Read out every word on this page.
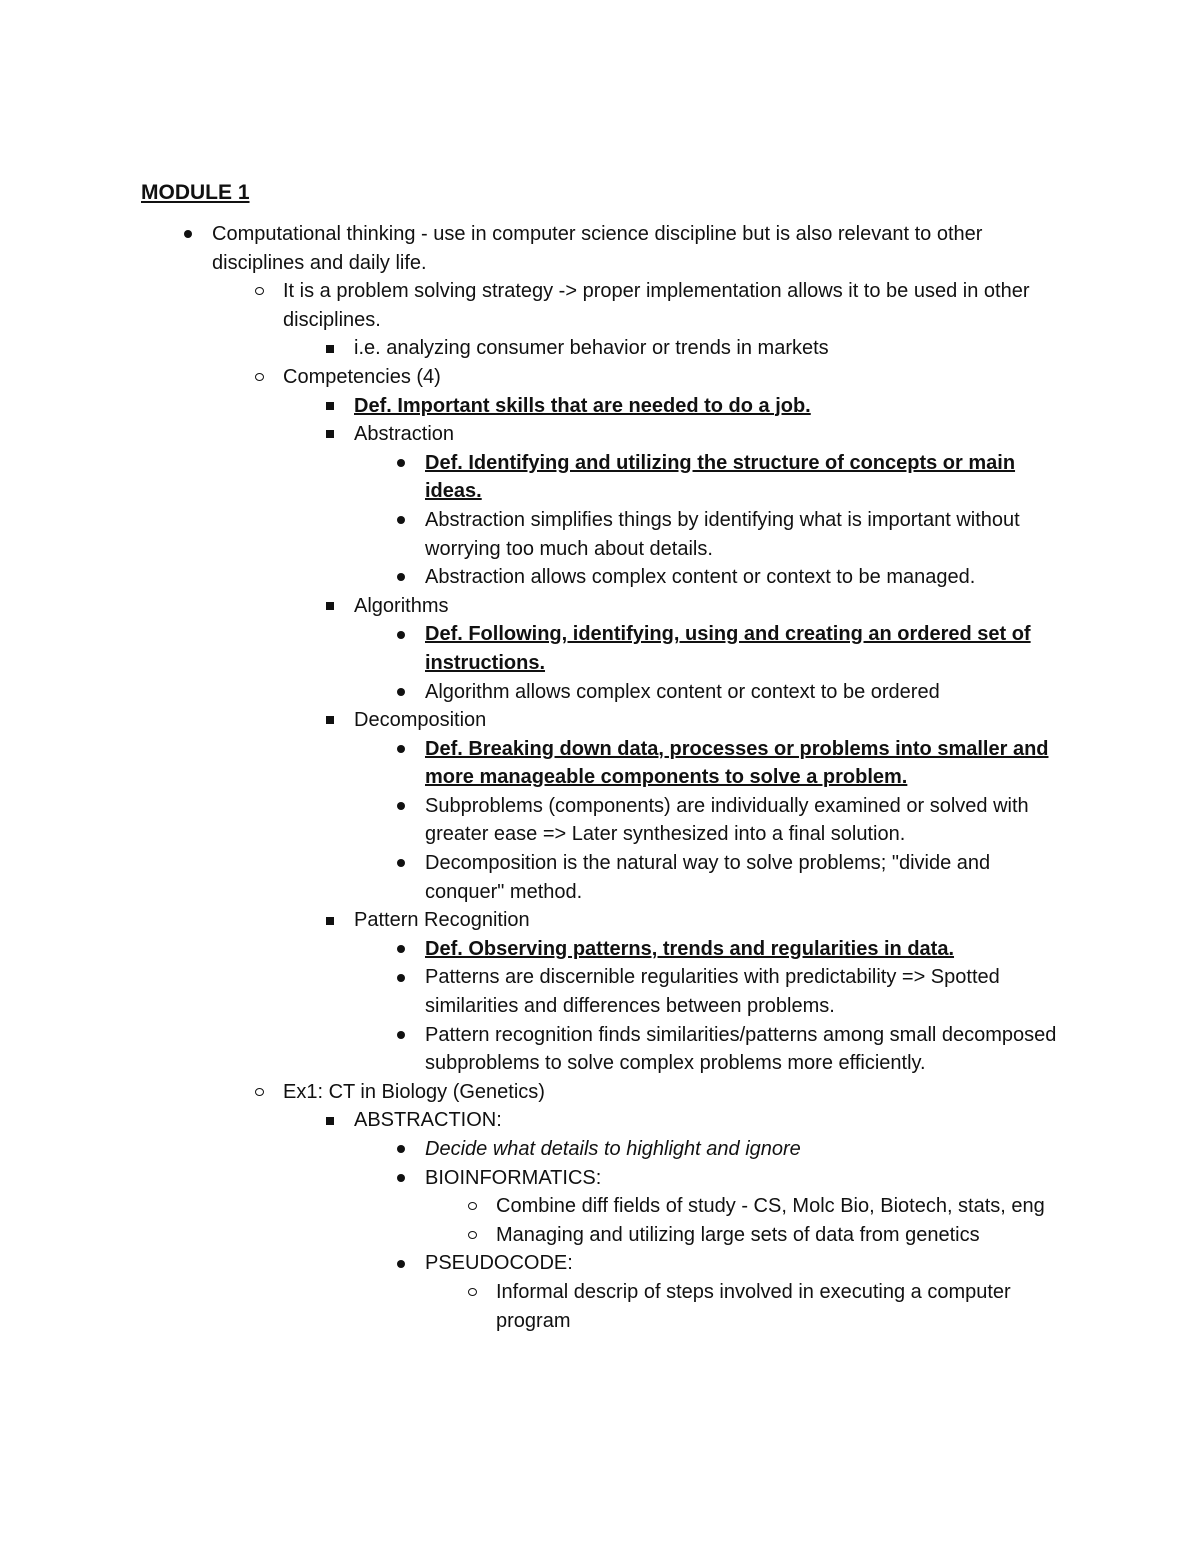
MODULE 1
Computational thinking - use in computer science discipline but is also relevant to other disciplines and daily life.
It is a problem solving strategy -> proper implementation allows it to be used in other disciplines.
i.e. analyzing consumer behavior or trends in markets
Competencies (4)
Def. Important skills that are needed to do a job.
Abstraction
Def. Identifying and utilizing the structure of concepts or main ideas.
Abstraction simplifies things by identifying what is important without worrying too much about details.
Abstraction allows complex content or context to be managed.
Algorithms
Def. Following, identifying, using and creating an ordered set of instructions.
Algorithm allows complex content or context to be ordered
Decomposition
Def. Breaking down data, processes or problems into smaller and more manageable components to solve a problem.
Subproblems (components) are individually examined or solved with greater ease => Later synthesized into a final solution.
Decomposition is the natural way to solve problems; "divide and conquer" method.
Pattern Recognition
Def. Observing patterns, trends and regularities in data.
Patterns are discernible regularities with predictability => Spotted similarities and differences between problems.
Pattern recognition finds similarities/patterns among small decomposed subproblems to solve complex problems more efficiently.
Ex1: CT in Biology (Genetics)
ABSTRACTION:
Decide what details to highlight and ignore
BIOINFORMATICS:
Combine diff fields of study - CS, Molc Bio, Biotech, stats, eng
Managing and utilizing large sets of data from genetics
PSEUDOCODE:
Informal descrip of steps involved in executing a computer program
